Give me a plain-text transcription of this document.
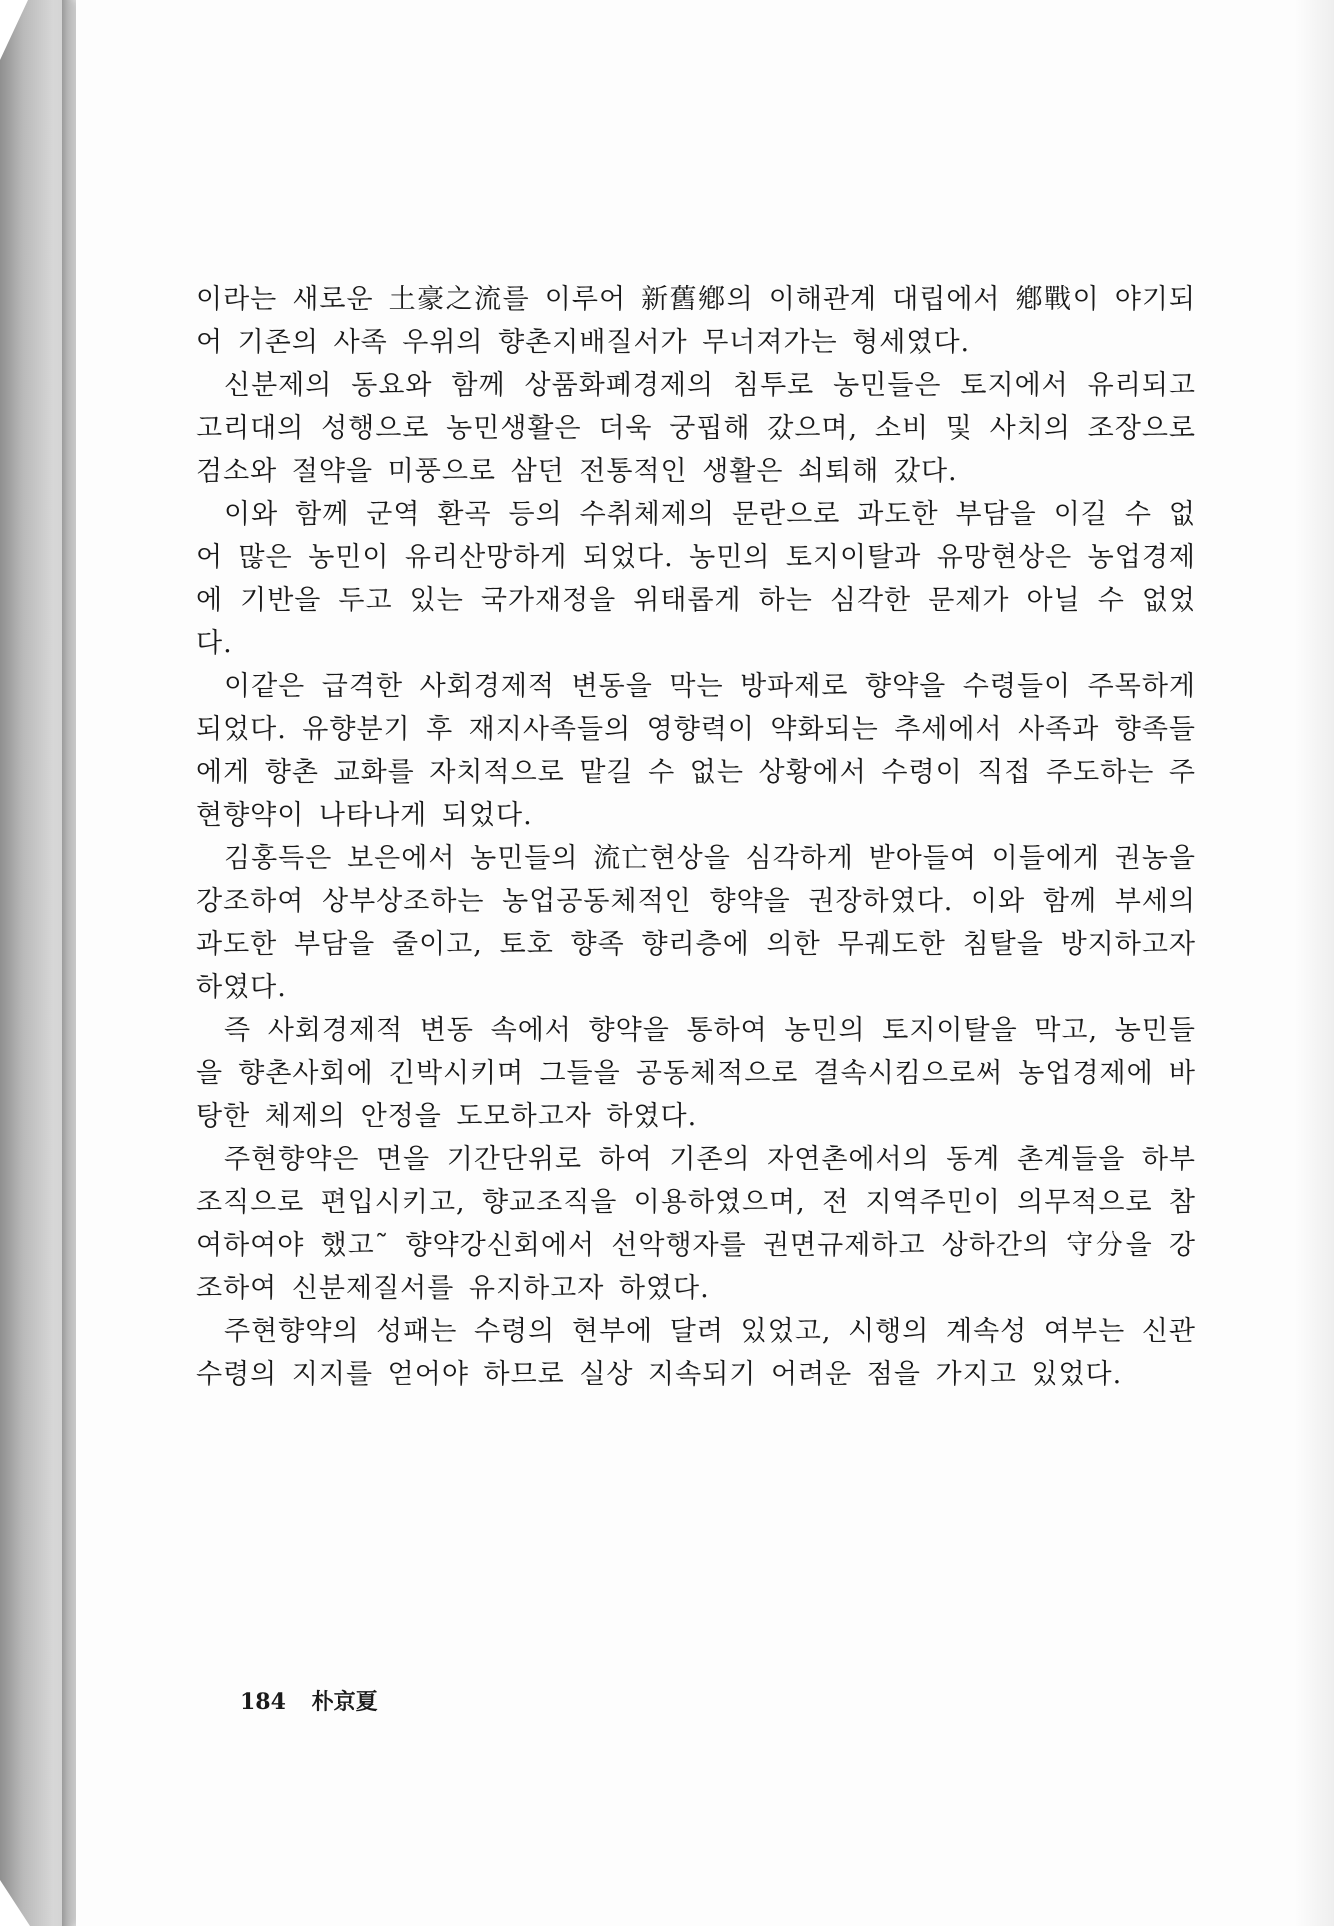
이라는 새로운 土豪之流를 이루어 新舊鄕의 이해관계 대립에서 鄕戰이 야기되어 기존의 사족 우위의 향촌지배질서가 무너져가는 형세였다.

신분제의 동요와 함께 상품화폐경제의 침투로 농민들은 토지에서 유리되고 고리대의 성행으로 농민생활은 더욱 궁핍해 갔으며, 소비 및 사치의 조장으로 검소와 절약을 미풍으로 삼던 전통적인 생활은 쇠퇴해 갔다.

이와 함께 군역 환곡 등의 수취체제의 문란으로 과도한 부담을 이길 수 없어 많은 농민이 유리산망하게 되었다. 농민의 토지이탈과 유망현상은 농업경제에 기반을 두고 있는 국가재정을 위태롭게 하는 심각한 문제가 아닐 수 없었다.

이같은 급격한 사회경제적 변동을 막는 방파제로 향약을 수령들이 주목하게 되었다. 유향분기 후 재지사족들의 영향력이 약화되는 추세에서 사족과 향족들에게 향촌 교화를 자치적으로 맡길 수 없는 상황에서 수령이 직접 주도하는 주현향약이 나타나게 되었다.

김홍득은 보은에서 농민들의 流亡현상을 심각하게 받아들여 이들에게 권농을 강조하여 상부상조하는 농업공동체적인 향약을 권장하였다. 이와 함께 부세의 과도한 부담을 줄이고, 토호 향족 향리층에 의한 무궤도한 침탈을 방지하고자 하였다.

즉 사회경제적 변동 속에서 향약을 통하여 농민의 토지이탈을 막고, 농민들을 향촌사회에 긴박시키며 그들을 공동체적으로 결속시킴으로써 농업경제에 바탕한 체제의 안정을 도모하고자 하였다.

주현향약은 면을 기간단위로 하여 기존의 자연촌에서의 동계 촌계들을 하부조직으로 편입시키고, 향교조직을 이용하였으며, 전 지역주민이 의무적으로 참여하여야 했고˜ 향약강신회에서 선악행자를 권면규제하고 상하간의 守分을 강조하여 신분제질서를 유지하고자 하였다.

주현향약의 성패는 수령의 현부에 달려 있었고, 시행의 계속성 여부는 신관 수령의 지지를 얻어야 하므로 실상 지속되기 어려운 점을 가지고 있었다.

184 朴京夏
